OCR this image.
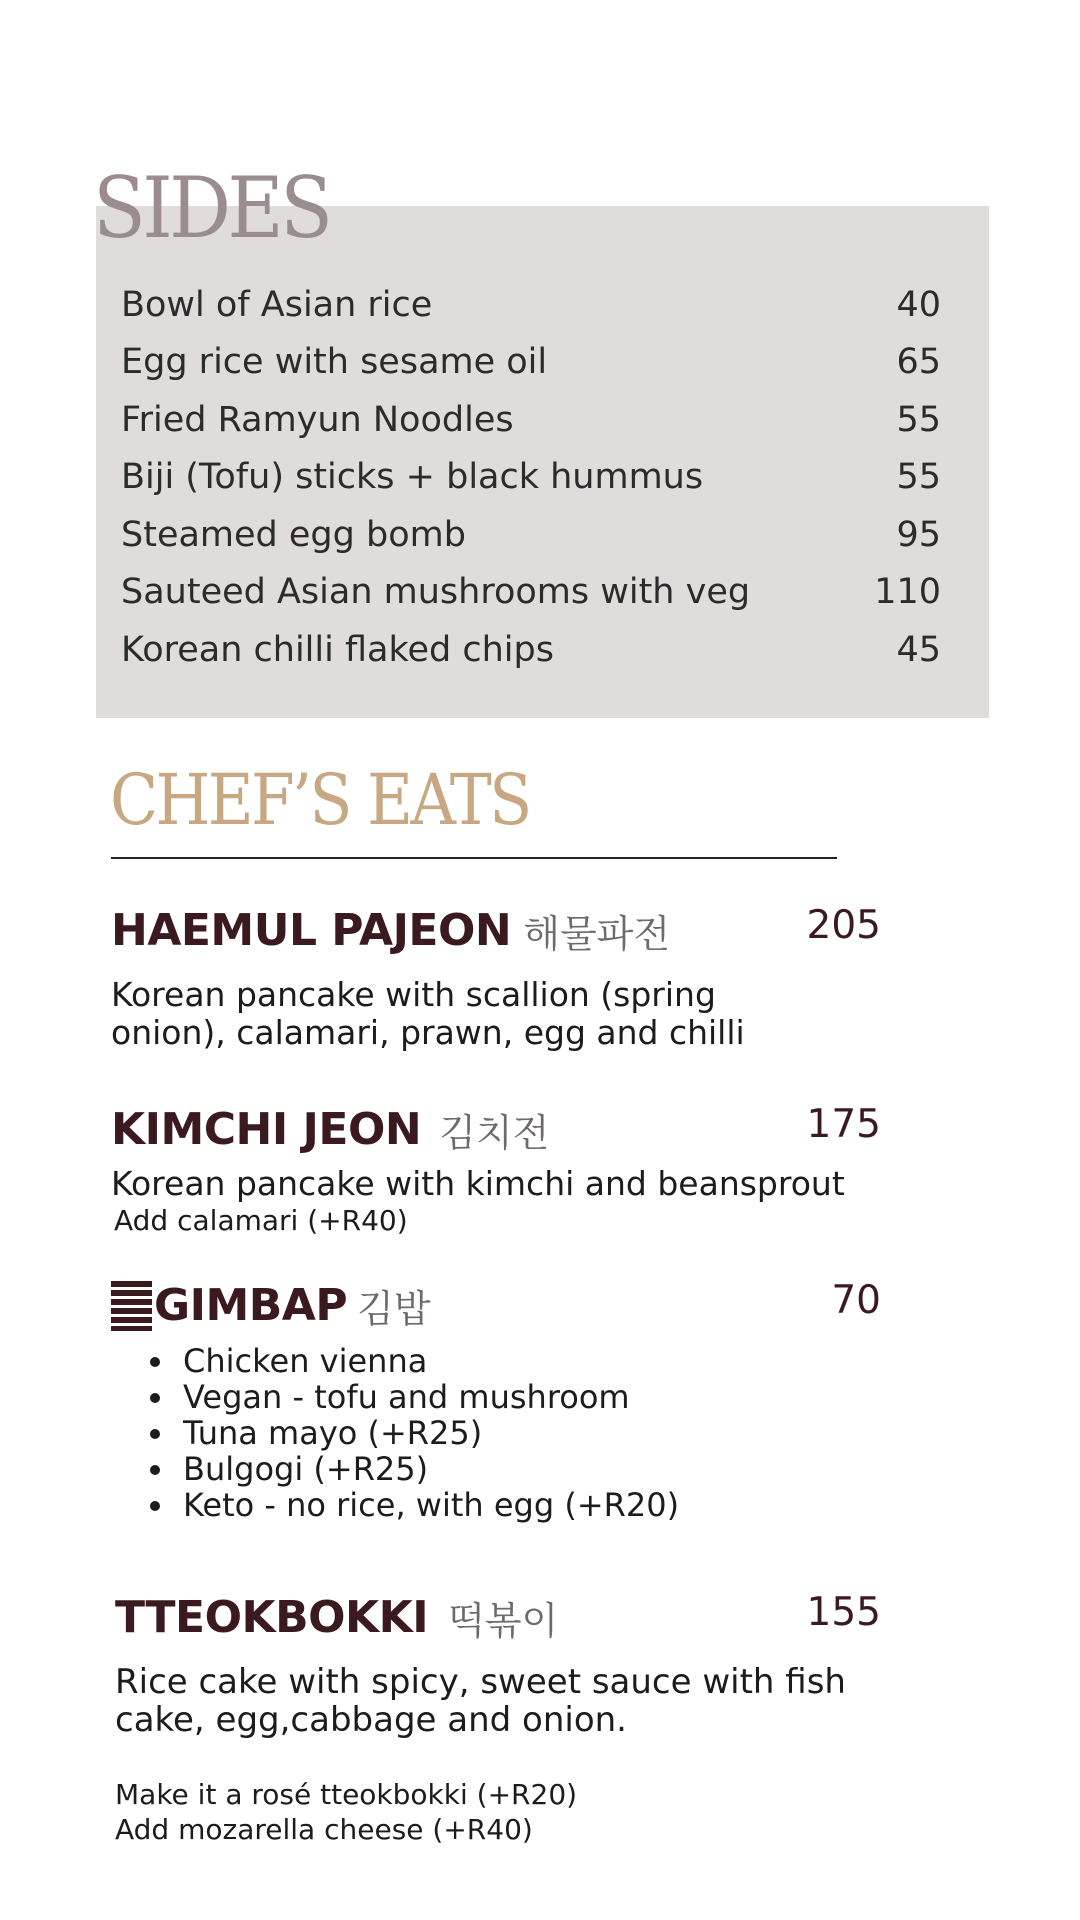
SIDES
Bowl of Asian rice	40
Egg rice with sesame oil	65
Fried Ramyun Noodles	55
Biji (Tofu) sticks + black hummus	55
Steamed egg bomb	95
Sauteed Asian mushrooms with veg	110
Korean chilli flaked chips	45
CHEF’S EATS
HAEMUL PAJEON 해물파전	205
Korean pancake with scallion (spring onion), calamari, prawn, egg and chilli
KIMCHI JEON 김치전	175
Korean pancake with kimchi and beansprout
Add calamari (+R40)
GIMBAP 김밥	70
• Chicken vienna
• Vegan - tofu and mushroom
• Tuna mayo (+R25)
• Bulgogi (+R25)
• Keto - no rice, with egg (+R20)
TTEOKBOKKI 떡볶이	155
Rice cake with spicy, sweet sauce with fish cake, egg,cabbage and onion.
Make it a rosé tteokbokki (+R20)
Add mozarella cheese (+R40)
